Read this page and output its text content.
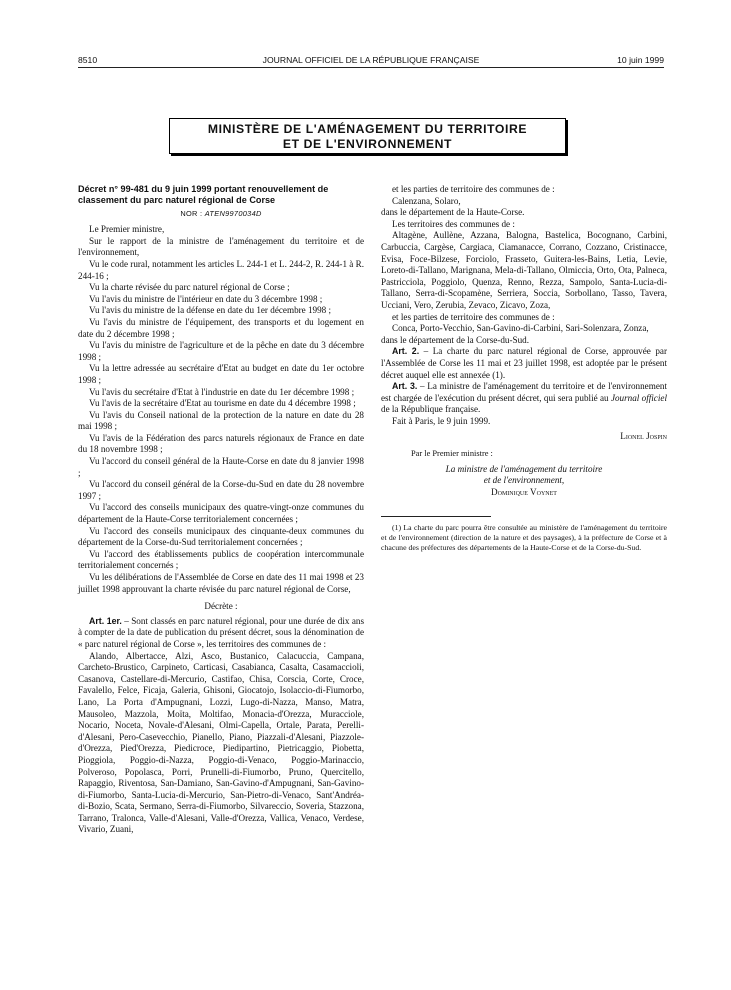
8510	JOURNAL OFFICIEL DE LA RÉPUBLIQUE FRANÇAISE	10 juin 1999
MINISTÈRE DE L'AMÉNAGEMENT DU TERRITOIRE
ET DE L'ENVIRONNEMENT

Décret n° 99-481 du 9 juin 1999 portant renouvellement de classement du parc naturel régional de Corse

NOR : ATEN9970034D

Le Premier ministre,

Sur le rapport de la ministre de l'aménagement du territoire et de l'environnement,

Vu le code rural, notamment les articles L. 244-1 et L. 244-2, R. 244-1 à R. 244-16 ;

Vu la charte révisée du parc naturel régional de Corse ;

Vu l'avis du ministre de l'intérieur en date du 3 décembre 1998 ;

Vu l'avis du ministre de la défense en date du 1er décembre 1998 ;

Vu l'avis du ministre de l'équipement, des transports et du logement en date du 2 décembre 1998 ;

Vu l'avis du ministre de l'agriculture et de la pêche en date du 3 décembre 1998 ;

Vu la lettre adressée au secrétaire d'Etat au budget en date du 1er octobre 1998 ;

Vu l'avis du secrétaire d'Etat à l'industrie en date du 1er décembre 1998 ;

Vu l'avis de la secrétaire d'Etat au tourisme en date du 4 décembre 1998 ;

Vu l'avis du Conseil national de la protection de la nature en date du 28 mai 1998 ;

Vu l'avis de la Fédération des parcs naturels régionaux de France en date du 18 novembre 1998 ;

Vu l'accord du conseil général de la Haute-Corse en date du 8 janvier 1998 ;

Vu l'accord du conseil général de la Corse-du-Sud en date du 28 novembre 1997 ;

Vu l'accord des conseils municipaux des quatre-vingt-onze communes du département de la Haute-Corse territorialement concernées ;

Vu l'accord des conseils municipaux des cinquante-deux communes du département de la Corse-du-Sud territorialement concernées ;

Vu l'accord des établissements publics de coopération intercommunale territorialement concernés ;

Vu les délibérations de l'Assemblée de Corse en date des 11 mai 1998 et 23 juillet 1998 approuvant la charte révisée du parc naturel régional de Corse,

Décrète :

Art. 1er. – Sont classés en parc naturel régional, pour une durée de dix ans à compter de la date de publication du présent décret, sous la dénomination de « parc naturel régional de Corse », les territoires des communes de :

Alando, Albertacce, Alzi, Asco, Bustanico, Calacuccia, Campana, Carcheto-Brustico, Carpineto, Carticasi, Casabianca, Casalta, Casamaccioli, Casanova, Castellare-di-Mercurio, Castifao, Chisa, Corscia, Corte, Croce, Favalello, Felce, Ficaja, Galeria, Ghisoni, Giocatojo, Isolaccio-di-Fiumorbo, Lano, La Porta d'Ampugnani, Lozzi, Lugo-di-Nazza, Manso, Matra, Mausoleo, Mazzola, Moïta, Moltifao, Monacia-d'Orezza, Muracciole, Nocario, Noceta, Novale-d'Alesani, Olmi-Capella, Ortale, Parata, Perelli-d'Alesani, Pero-Casevecchio, Pianello, Piano, Piazzali-d'Alesani, Piazzole-d'Orezza, Pied'Orezza, Piedicroce, Piedipartino, Pietricaggio, Piobetta, Pioggiola, Poggio-di-Nazza, Poggio-di-Venaco, Poggio-Marinaccio, Polveroso, Popolasca, Porri, Prunelli-di-Fiumorbo, Pruno, Quercitello, Rapaggio, Riventosa, San-Damiano, San-Gavino-d'Ampugnani, San-Gavino-di-Fiumorbo, Santa-Lucia-di-Mercurio, San-Pietro-di-Venaco, Sant'Andréa-di-Bozio, Scata, Sermano, Serra-di-Fiumorbo, Silvareccio, Soveria, Stazzona, Tarrano, Tralonca, Valle-d'Alesani, Valle-d'Orezza, Vallica, Venaco, Verdese, Vivario, Zuani,

et les parties de territoire des communes de :

Calenzana, Solaro,

dans le département de la Haute-Corse.

Les territoires des communes de :

Altagène, Aullène, Azzana, Balogna, Bastelica, Bocognano, Carbini, Carbuccia, Cargèse, Cargiaca, Ciamanacce, Corrano, Cozzano, Cristinacce, Evisa, Foce-Bilzese, Forciolo, Frasseto, Guitera-les-Bains, Letia, Levie, Loreto-di-Tallano, Marignana, Mela-di-Tallano, Olmiccia, Orto, Ota, Palneca, Pastricciola, Poggiolo, Quenza, Renno, Rezza, Sampolo, Santa-Lucia-di-Tallano, Serra-di-Scopamène, Serriera, Soccia, Sorbollano, Tasso, Tavera, Ucciani, Vero, Zerubia, Zevaco, Zicavo, Zoza,

et les parties de territoire des communes de :

Conca, Porto-Vecchio, San-Gavino-di-Carbini, Sari-Solenzara, Zonza,

dans le département de la Corse-du-Sud.

Art. 2. – La charte du parc naturel régional de Corse, approuvée par l'Assemblée de Corse les 11 mai et 23 juillet 1998, est adoptée par le présent décret auquel elle est annexée (1).

Art. 3. – La ministre de l'aménagement du territoire et de l'environnement est chargée de l'exécution du présent décret, qui sera publié au Journal officiel de la République française.

Fait à Paris, le 9 juin 1999.

Lionel Jospin

Par le Premier ministre :

La ministre de l'aménagement du territoire

et de l'environnement,

Dominique Voynet

(1) La charte du parc pourra être consultée au ministère de l'aménagement du territoire et de l'environnement (direction de la nature et des paysages), à la préfecture de Corse et à chacune des préfectures des départements de la Haute-Corse et de la Corse-du-Sud.
